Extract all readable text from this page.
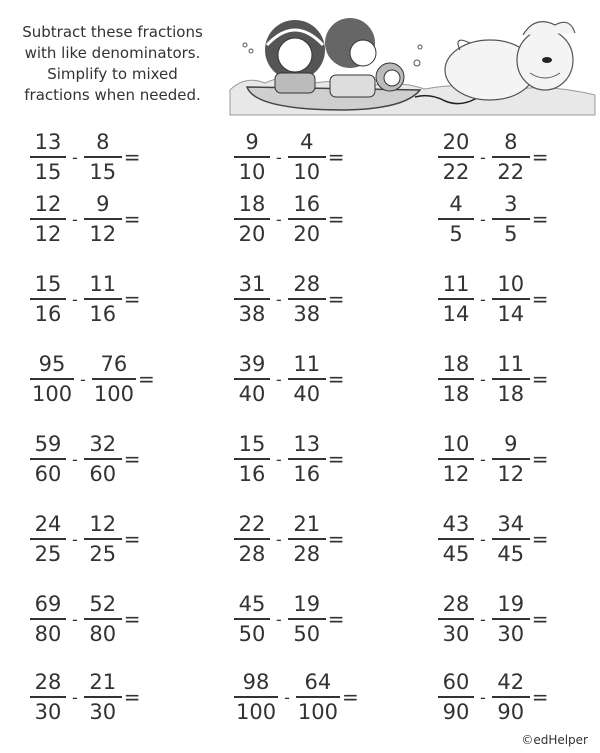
Subtract these fractions
with like denominators.
Simplify to mixed
fractions when needed.
$\frac{13}{15} - \frac{8}{15}$ =	$\frac{9}{10} - \frac{4}{10}$ =	$\frac{20}{22} - \frac{8}{22}$ =
$\frac{12}{12} - \frac{9}{12}$ =	$\frac{18}{20} - \frac{16}{20}$ =	$\frac{4}{5} - \frac{3}{5}$ =
$\frac{15}{16} - \frac{11}{16}$ =	$\frac{31}{38} - \frac{28}{38}$ =	$\frac{11}{14} - \frac{10}{14}$ =
$\frac{95}{100} - \frac{76}{100}$ =	$\frac{39}{40} - \frac{11}{40}$ =	$\frac{18}{18} - \frac{11}{18}$ =
$\frac{59}{60} - \frac{32}{60}$ =	$\frac{15}{16} - \frac{13}{16}$ =	$\frac{10}{12} - \frac{9}{12}$ =
$\frac{24}{25} - \frac{12}{25}$ =	$\frac{22}{28} - \frac{21}{28}$ =	$\frac{43}{45} - \frac{34}{45}$ =
$\frac{69}{80} - \frac{52}{80}$ =	$\frac{45}{50} - \frac{19}{50}$ =	$\frac{28}{30} - \frac{19}{30}$ =
$\frac{28}{30} - \frac{21}{30}$ =	$\frac{98}{100} - \frac{64}{100}$ =	$\frac{60}{90} - \frac{42}{90}$ =
©edHelper
